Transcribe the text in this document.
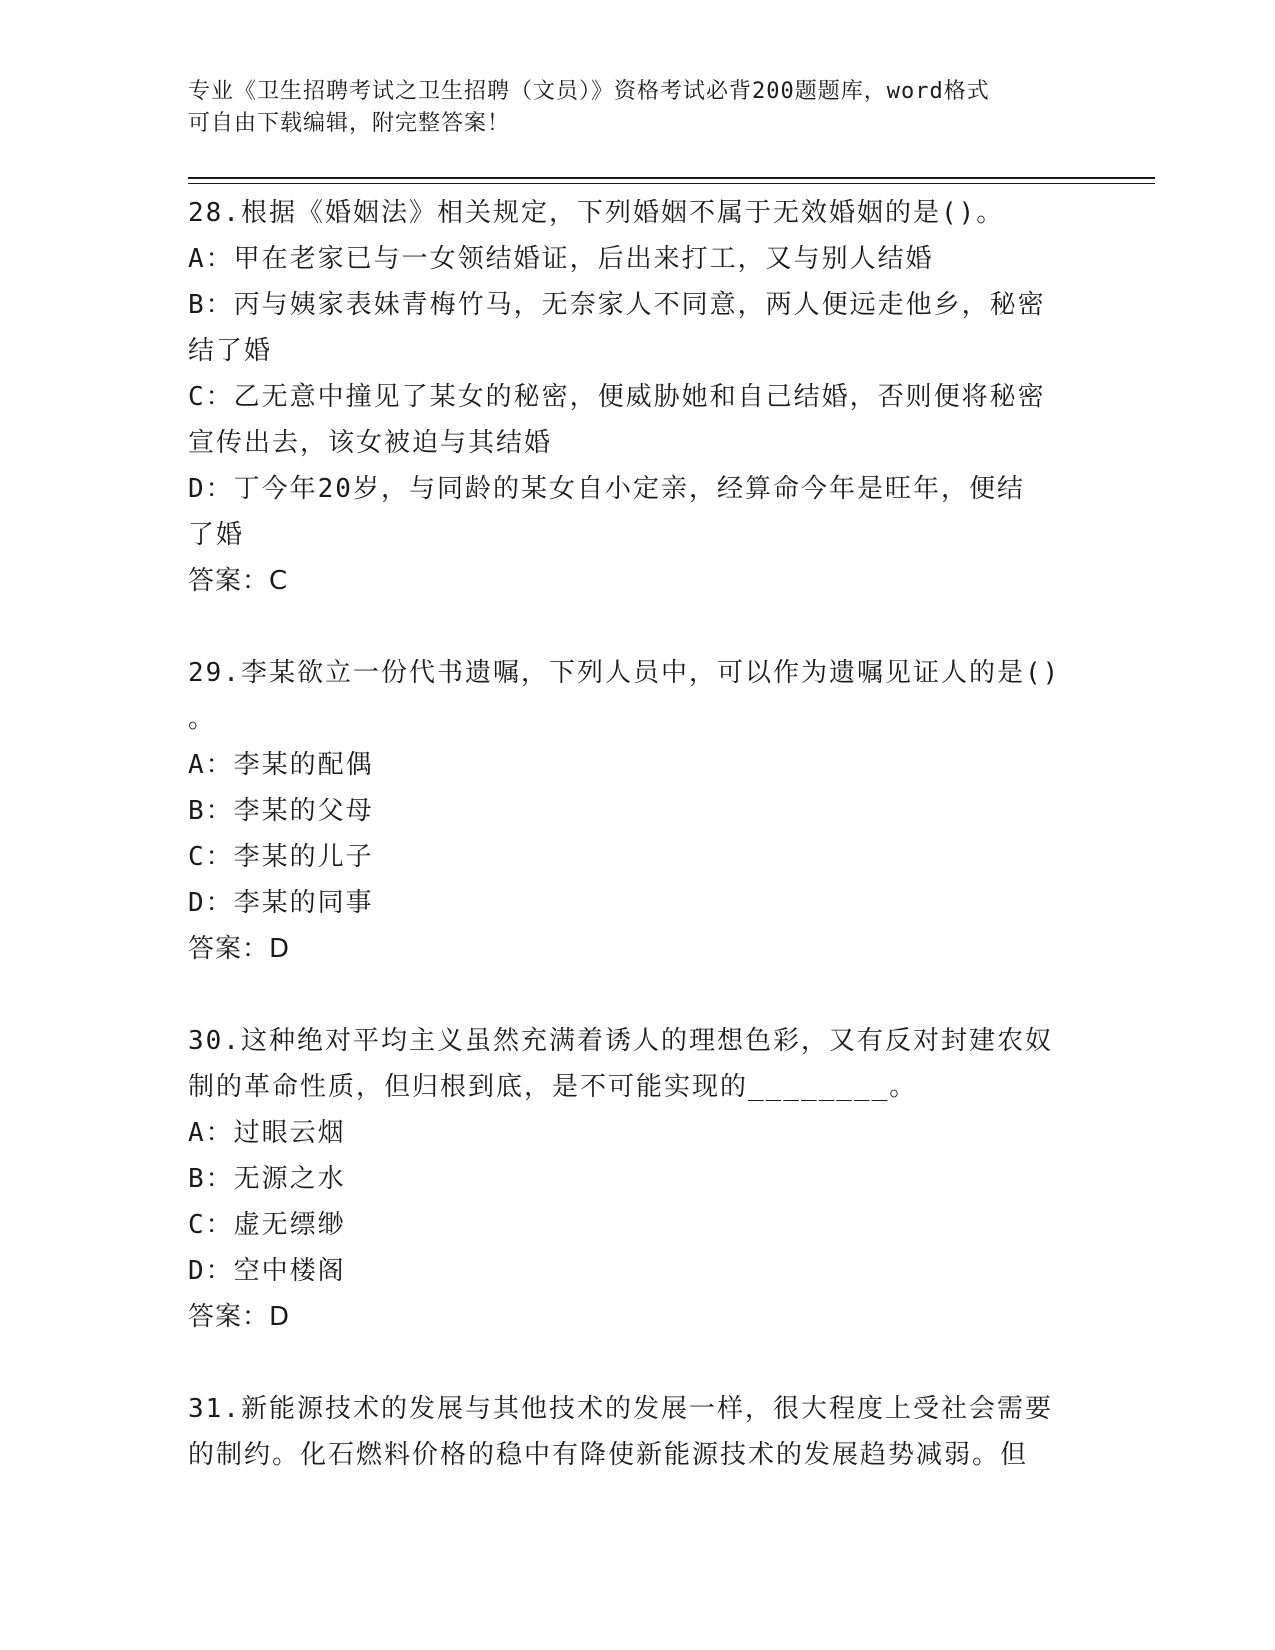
专业《卫生招聘考试之卫生招聘（文员）》资格考试必背200题题库，word格式
可自由下载编辑，附完整答案！
28.根据《婚姻法》相关规定，下列婚姻不属于无效婚姻的是()。
A：甲在老家已与一女领结婚证，后出来打工，又与别人结婚
B：丙与姨家表妹青梅竹马，无奈家人不同意，两人便远走他乡，秘密
结了婚
C：乙无意中撞见了某女的秘密，便威胁她和自己结婚，否则便将秘密
宣传出去，该女被迫与其结婚
D：丁今年20岁，与同龄的某女自小定亲，经算命今年是旺年，便结
了婚
答案：C
29.李某欲立一份代书遗嘱，下列人员中，可以作为遗嘱见证人的是()
。
A：李某的配偶
B：李某的父母
C：李某的儿子
D：李某的同事
答案：D
30.这种绝对平均主义虽然充满着诱人的理想色彩，又有反对封建农奴
制的革命性质，但归根到底，是不可能实现的________。
A：过眼云烟
B：无源之水
C：虚无缥缈
D：空中楼阁
答案：D
31.新能源技术的发展与其他技术的发展一样，很大程度上受社会需要
的制约。化石燃料价格的稳中有降使新能源技术的发展趋势减弱。但
